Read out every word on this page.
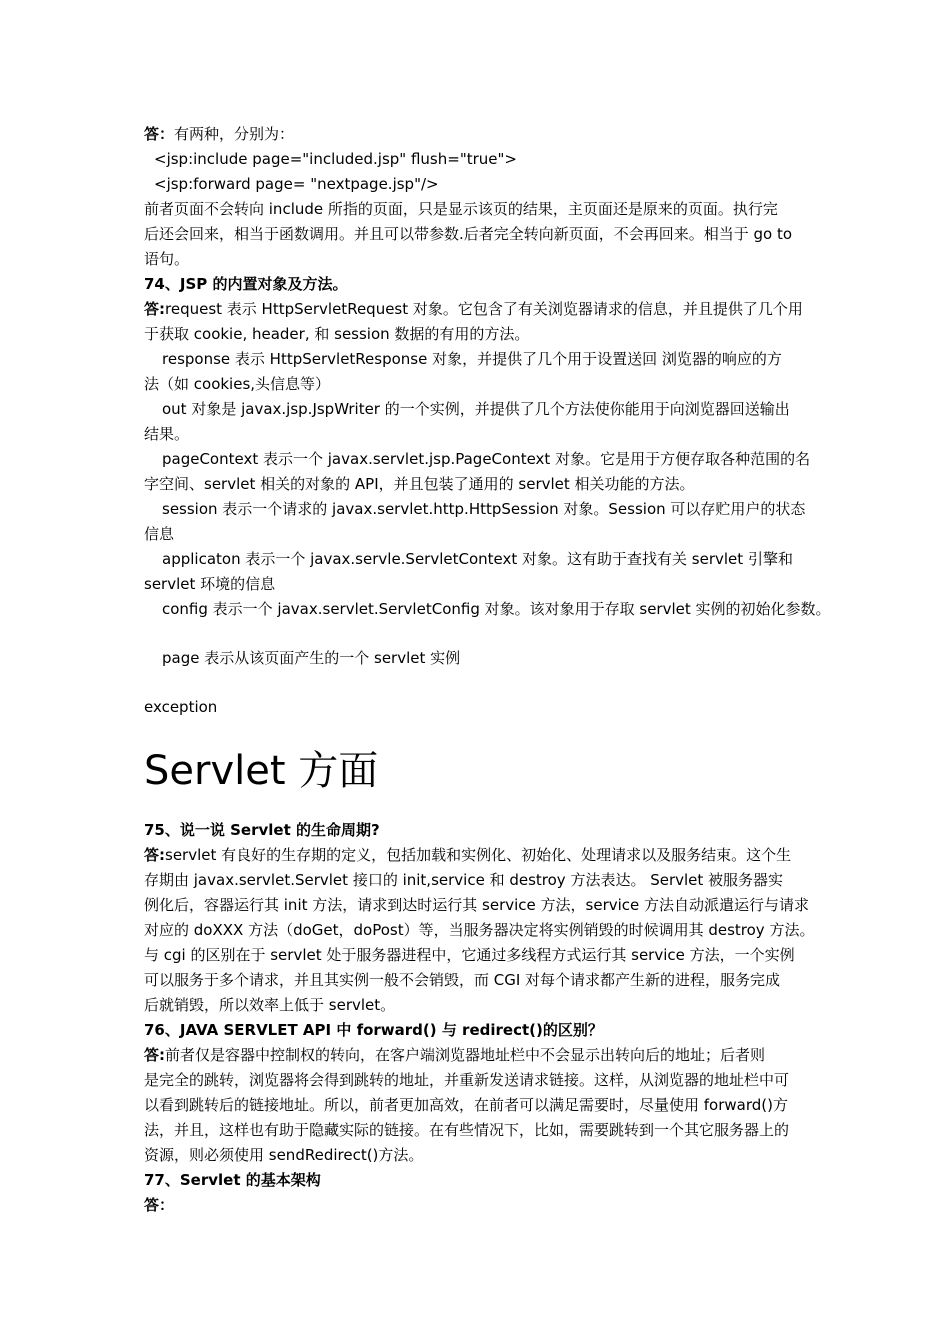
答：有两种，分别为：
<jsp:include page="included.jsp" flush="true">
<jsp:forward page= "nextpage.jsp"/>
前者页面不会转向 include 所指的页面，只是显示该页的结果，主页面还是原来的页面。执行完
后还会回来，相当于函数调用。并且可以带参数.后者完全转向新页面，不会再回来。相当于 go to
语句。
74、JSP 的内置对象及方法。
答:request 表示 HttpServletRequest 对象。它包含了有关浏览器请求的信息，并且提供了几个用
于获取 cookie, header, 和 session 数据的有用的方法。
response 表示 HttpServletResponse 对象，并提供了几个用于设置送回 浏览器的响应的方
法（如 cookies,头信息等）
out 对象是 javax.jsp.JspWriter 的一个实例，并提供了几个方法使你能用于向浏览器回送输出
结果。
pageContext 表示一个 javax.servlet.jsp.PageContext 对象。它是用于方便存取各种范围的名
字空间、servlet 相关的对象的 API，并且包装了通用的 servlet 相关功能的方法。
session 表示一个请求的 javax.servlet.http.HttpSession 对象。Session 可以存贮用户的状态
信息
applicaton 表示一个 javax.servle.ServletContext 对象。这有助于查找有关 servlet 引擎和
servlet 环境的信息
config 表示一个 javax.servlet.ServletConfig 对象。该对象用于存取 servlet 实例的初始化参数。
page 表示从该页面产生的一个 servlet 实例
exception
Servlet 方面
75、说一说 Servlet 的生命周期?
答:servlet 有良好的生存期的定义，包括加载和实例化、初始化、处理请求以及服务结束。这个生
存期由 javax.servlet.Servlet 接口的 init,service 和 destroy 方法表达。 Servlet 被服务器实
例化后，容器运行其 init 方法，请求到达时运行其 service 方法，service 方法自动派遣运行与请求
对应的 doXXX 方法（doGet，doPost）等，当服务器决定将实例销毁的时候调用其 destroy 方法。
与 cgi 的区别在于 servlet 处于服务器进程中，它通过多线程方式运行其 service 方法，一个实例
可以服务于多个请求，并且其实例一般不会销毁，而 CGI 对每个请求都产生新的进程，服务完成
后就销毁，所以效率上低于 servlet。
76、JAVA SERVLET API 中 forward() 与 redirect()的区别？
答:前者仅是容器中控制权的转向，在客户端浏览器地址栏中不会显示出转向后的地址；后者则
是完全的跳转，浏览器将会得到跳转的地址，并重新发送请求链接。这样，从浏览器的地址栏中可
以看到跳转后的链接地址。所以，前者更加高效，在前者可以满足需要时，尽量使用 forward()方
法，并且，这样也有助于隐藏实际的链接。在有些情况下，比如，需要跳转到一个其它服务器上的
资源，则必须使用 sendRedirect()方法。
77、Servlet 的基本架构
答：
